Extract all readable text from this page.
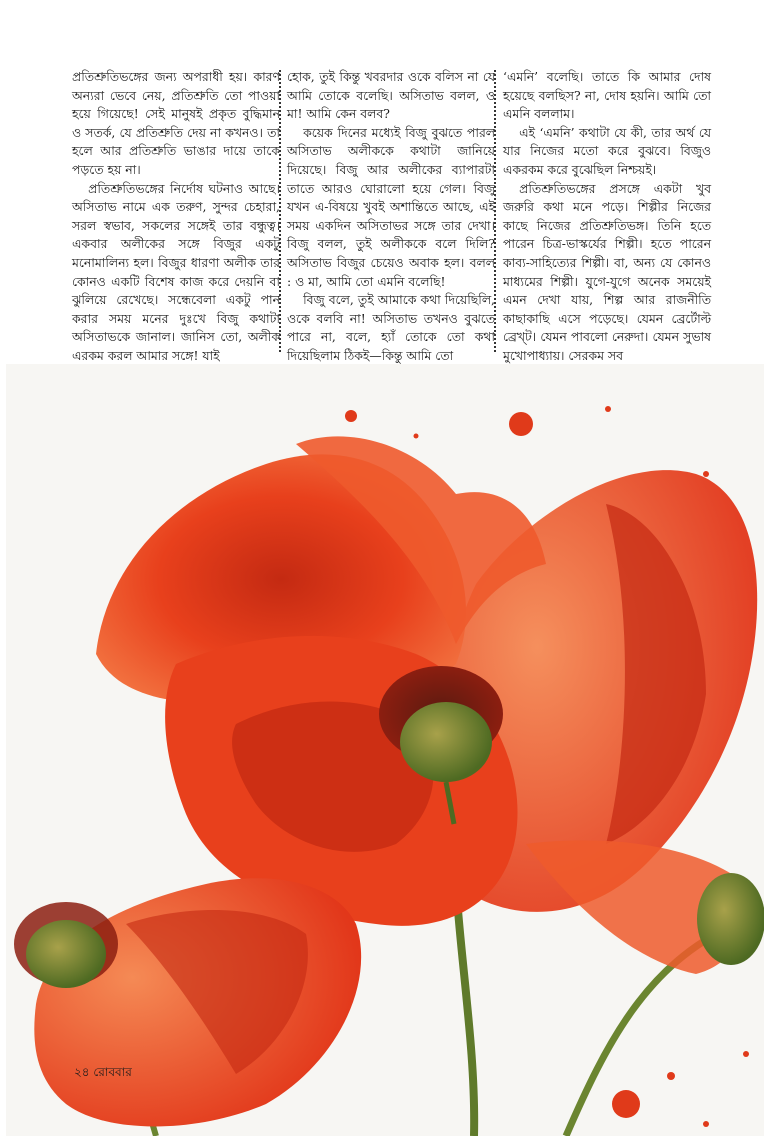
প্রতিশ্রুতিভঙ্গের জন্য অপরাধী হয়। কারণ অন্যরা ভেবে নেয়, প্রতিশ্রুতি তো পাওয়া হয়ে গিয়েছে! সেই মানুষই প্রকৃত বুদ্ধিমান ও সতর্ক, যে প্রতিশ্রুতি দেয় না কখনও। তা হলে আর প্রতিশ্রুতি ভাঙার দায়ে তাকে পড়তে হয় না।

প্রতিশ্রুতিভঙ্গের নির্দোষ ঘটনাও আছে। অসিতাভ নামে এক তরুণ, সুন্দর চেহারা, সরল স্বভাব, সকলের সঙ্গেই তার বন্ধুত্ব। একবার অলীকের সঙ্গে বিজুর একটু মনোমালিন্য হল। বিজুর ধারণা অলীক তার কোনও একটি বিশেষ কাজ করে দেয়নি বা ঝুলিয়ে রেখেছে। সন্ধেবেলা একটু পান করার সময় মনের দুঃখে বিজু কথাটা অসিতাভকে জানাল। জানিস তো, অলীক এরকম করল আমার সঙ্গে! যাই

হোক, তুই কিন্তু খবরদার ওকে বলিস না যে আমি তোকে বলেছি। অসিতাভ বলল, ও মা! আমি কেন বলব?

কয়েক দিনের মধ্যেই বিজু বুঝতে পারল অসিতাভ অলীককে কথাটা জানিয়ে দিয়েছে। বিজু আর অলীকের ব্যাপারটা তাতে আরও ঘোরালো হয়ে গেল। বিজু যখন এ-বিষয়ে খুবই অশান্তিতে আছে, এই সময় একদিন অসিতাভর সঙ্গে তার দেখা। বিজু বলল, তুই অলীককে বলে দিলি? অসিতাভ বিজুর চেয়েও অবাক হল। বলল : ও মা, আমি তো এমনি বলেছি!

বিজু বলে, তুই আমাকে কথা দিয়েছিলি, ওকে বলবি না! অসিতাভ তখনও বুঝতে পারে না, বলে, হ্যাঁ তোকে তো কথা দিয়েছিলাম ঠিকই—কিন্তু আমি তো

‘এমনি’ বলেছি। তাতে কি আমার দোষ হয়েছে বলছিস? না, দোষ হয়নি। আমি তো এমনি বললাম।

এই ‘এমনি’ কথাটা যে কী, তার অর্থ যে যার নিজের মতো করে বুঝবে। বিজুও একরকম করে বুঝেছিল নিশ্চয়ই।

প্রতিশ্রুতিভঙ্গের প্রসঙ্গে একটা খুব জরুরি কথা মনে পড়ে। শিল্পীর নিজের কাছে নিজের প্রতিশ্রুতিভঙ্গ। তিনি হতে পারেন চিত্র-ভাস্কর্যের শিল্পী। হতে পারেন কাব্য-সাহিত্যের শিল্পী। বা, অন্য যে কোনও মাধ্যমের শিল্পী। যুগে-যুগে অনেক সময়েই এমন দেখা যায়, শিল্প আর রাজনীতি কাছাকাছি এসে পড়েছে। যেমন ব্রের্টোল্ট ব্রেখ্ট। যেমন পাবলো নেরুদা। যেমন সুভাষ মুখোপাধ্যায়। সেরকম সব

২৪ রোববার
